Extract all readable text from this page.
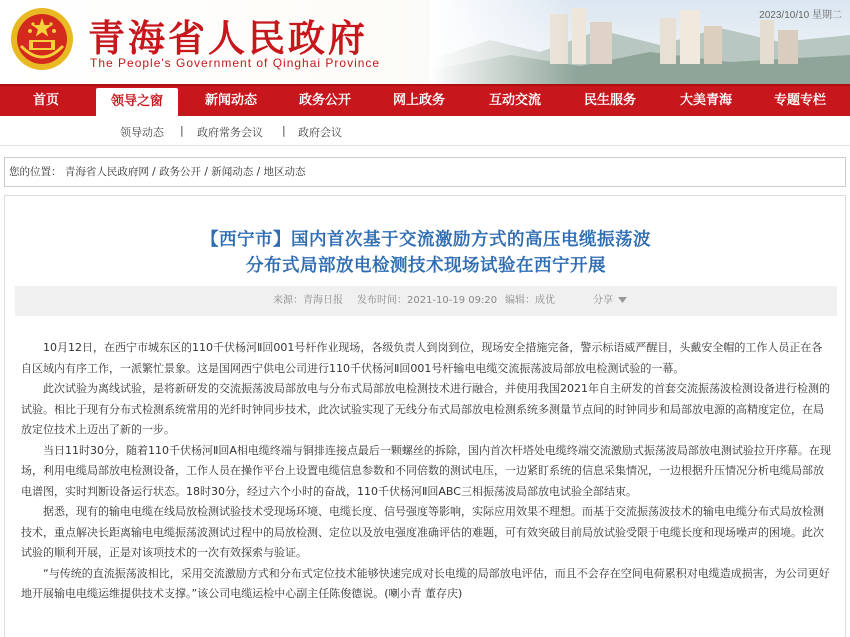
青海省人民政府
The People's Government of Qinghai Province
2023/10/10 星期二
首页	领导之窗	新闻动态	政务公开	网上政务	互动交流	民生服务	大美青海	专题专栏
领导动态 | 政府常务会议 | 政府会议
您的位置： 青海省人民政府网 / 政务公开 / 新闻动态 / 地区动态
【西宁市】国内首次基于交流激励方式的高压电缆振荡波
分布式局部放电检测技术现场试验在西宁开展
来源：青海日报 发布时间：2021-10-19 09:20 编辑：成优	分享

10月12日，在西宁市城东区的110千伏杨河Ⅱ回001号杆作业现场，各级负责人到岗到位，现场安全措施完备，警示标语威严醒目，头戴安全帽的工作人员正在各自区域内有序工作，一派繁忙景象。这是国网西宁供电公司进行110千伏杨河Ⅱ回001号杆输电电缆交流振荡波局部放电检测试验的一幕。

此次试验为离线试验，是将新研发的交流振荡波局部放电与分布式局部放电检测技术进行融合，并使用我国2021年自主研发的首套交流振荡波检测设备进行检测的试验。相比于现有分布式检测系统常用的光纤时钟同步技术，此次试验实现了无线分布式局部放电检测系统多测量节点间的时钟同步和局部放电源的高精度定位，在局放定位技术上迈出了新的一步。

当日11时30分，随着110千伏杨河Ⅱ回A相电缆终端与铜排连接点最后一颗螺丝的拆除，国内首次杆塔处电缆终端交流激励式振荡波局部放电测试验拉开序幕。在现场，利用电缆局部放电检测设备，工作人员在操作平台上设置电缆信息参数和不同倍数的测试电压，一边紧盯系统的信息采集情况，一边根据升压情况分析电缆局部放电谱图，实时判断设备运行状态。18时30分，经过六个小时的奋战，110千伏杨河Ⅱ回ABC三相振荡波局部放电试验全部结束。

据悉，现有的输电电缆在线局放检测试验技术受现场环境、电缆长度、信号强度等影响，实际应用效果不理想。而基于交流振荡波技术的输电电缆分布式局放检测技术，重点解决长距离输电电缆振荡波测试过程中的局放检测、定位以及放电强度准确评估的难题，可有效突破目前局放试验受限于电缆长度和现场噪声的困境。此次试验的顺利开展，正是对该项技术的一次有效探索与验证。

“与传统的直流振荡波相比，采用交流激励方式和分布式定位技术能够快速完成对长电缆的局部放电评估，而且不会存在空间电荷累积对电缆造成损害，为公司更好地开展输电电缆运维提供技术支撑。”该公司电缆运检中心副主任陈俊德说。(喇小青 董存庆)
